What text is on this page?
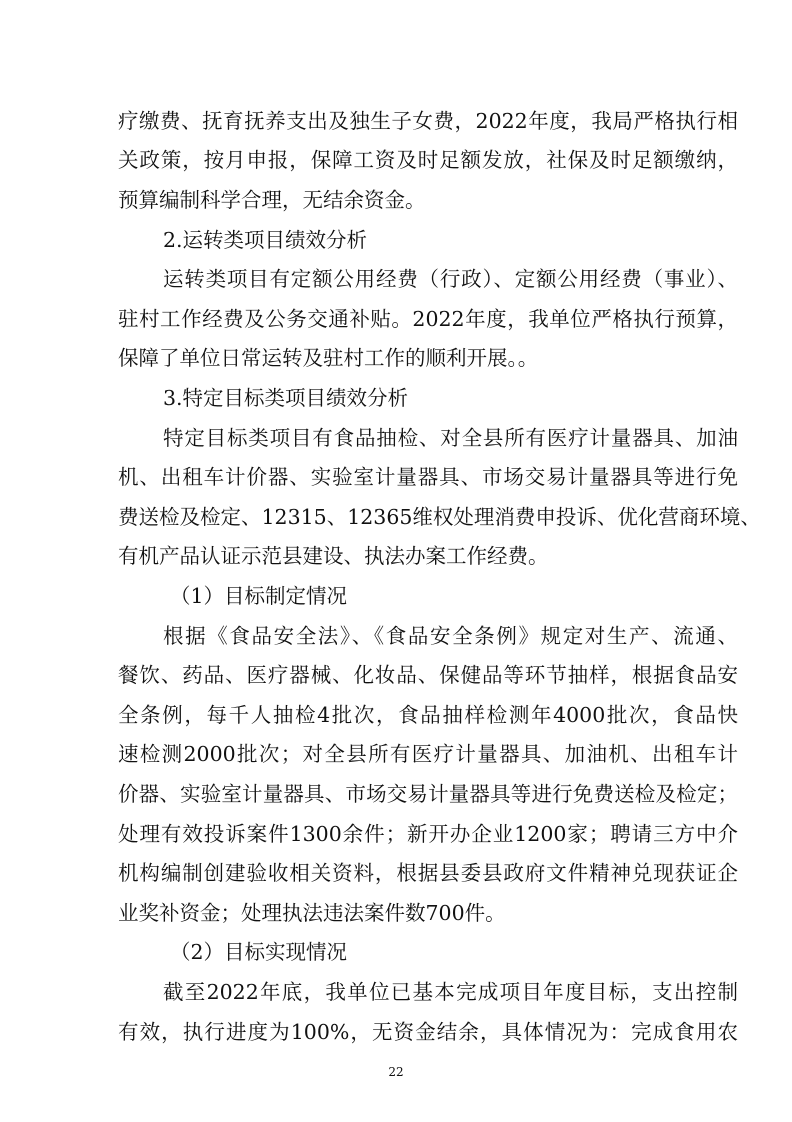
疗缴费、抚育抚养支出及独生子女费，2022年度，我局严格执行相
关政策，按月申报，保障工资及时足额发放，社保及时足额缴纳，
预算编制科学合理，无结余资金。
2.运转类项目绩效分析
运转类项目有定额公用经费（行政）、定额公用经费（事业）、
驻村工作经费及公务交通补贴。2022年度，我单位严格执行预算，
保障了单位日常运转及驻村工作的顺利开展。。
3.特定目标类项目绩效分析
特定目标类项目有食品抽检、对全县所有医疗计量器具、加油
机、出租车计价器、实验室计量器具、市场交易计量器具等进行免
费送检及检定、12315、12365维权处理消费申投诉、优化营商环境、
有机产品认证示范县建设、执法办案工作经费。
（1）目标制定情况
根据《食品安全法》、《食品安全条例》规定对生产、流通、
餐饮、药品、医疗器械、化妆品、保健品等环节抽样，根据食品安
全条例，每千人抽检4批次，食品抽样检测年4000批次，食品快
速检测2000批次；对全县所有医疗计量器具、加油机、出租车计
价器、实验室计量器具、市场交易计量器具等进行免费送检及检定；
处理有效投诉案件1300余件；新开办企业1200家；聘请三方中介
机构编制创建验收相关资料，根据县委县政府文件精神兑现获证企
业奖补资金；处理执法违法案件数700件。
（2）目标实现情况
截至2022年底，我单位已基本完成项目年度目标，支出控制
有效，执行进度为100%，无资金结余，具体情况为：完成食用农
22
